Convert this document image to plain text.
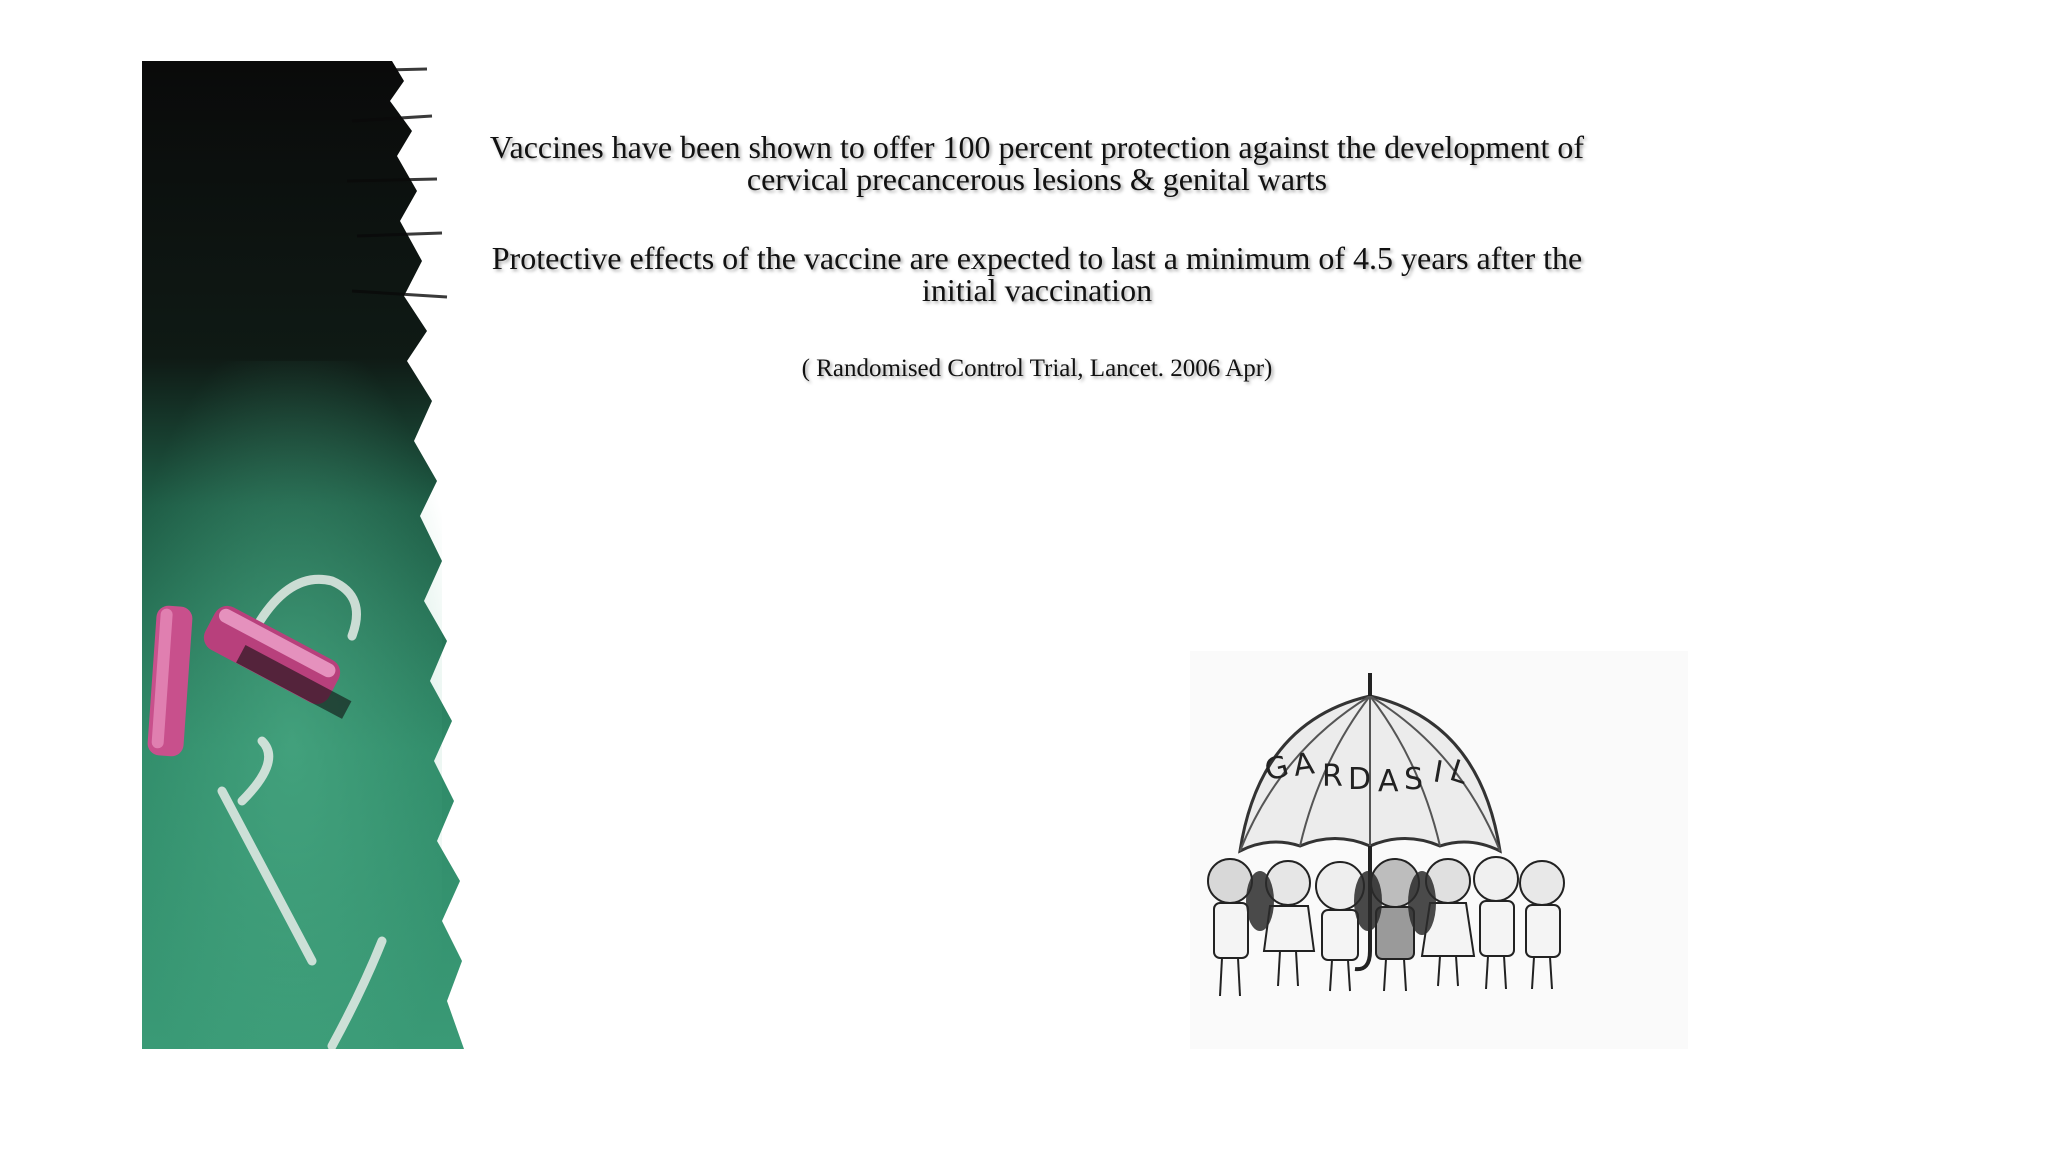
Vaccines have been shown to offer 100 percent protection against the development of cervical precancerous lesions & genital warts

Protective effects of the vaccine are expected to last a minimum of 4.5 years after the initial vaccination

( Randomised Control Trial, Lancet. 2006 Apr)

G
A R D A S I L
